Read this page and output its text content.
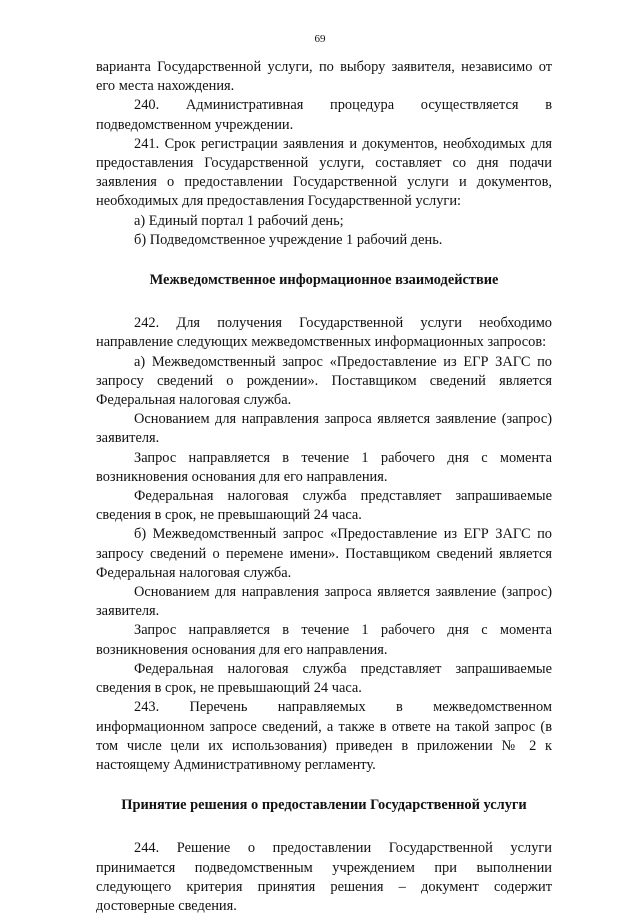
69

варианта Государственной услуги, по выбору заявителя, независимо от его места нахождения.

240. Административная процедура осуществляется в подведомственном учреждении.

241. Срок регистрации заявления и документов, необходимых для предоставления Государственной услуги, составляет со дня подачи заявления о предоставлении Государственной услуги и документов, необходимых для предоставления Государственной услуги:

а) Единый портал 1 рабочий день;

б) Подведомственное учреждение 1 рабочий день.

Межведомственное информационное взаимодействие

242. Для получения Государственной услуги необходимо направление следующих межведомственных информационных запросов:

а) Межведомственный запрос «Предоставление из ЕГР ЗАГС по запросу сведений о рождении». Поставщиком сведений является Федеральная налоговая служба.

Основанием для направления запроса является заявление (запрос) заявителя.

Запрос направляется в течение 1 рабочего дня с момента возникновения основания для его направления.

Федеральная налоговая служба представляет запрашиваемые сведения в срок, не превышающий 24 часа.

б) Межведомственный запрос «Предоставление из ЕГР ЗАГС по запросу сведений о перемене имени». Поставщиком сведений является Федеральная налоговая служба.

Основанием для направления запроса является заявление (запрос) заявителя.

Запрос направляется в течение 1 рабочего дня с момента возникновения основания для его направления.

Федеральная налоговая служба представляет запрашиваемые сведения в срок, не превышающий 24 часа.

243. Перечень направляемых в межведомственном информационном запросе сведений, а также в ответе на такой запрос (в том числе цели их использования) приведен в приложении № 2 к настоящему Административному регламенту.

Принятие решения о предоставлении Государственной услуги

244. Решение о предоставлении Государственной услуги принимается подведомственным учреждением при выполнении следующего критерия принятия решения – документ содержит достоверные сведения.
